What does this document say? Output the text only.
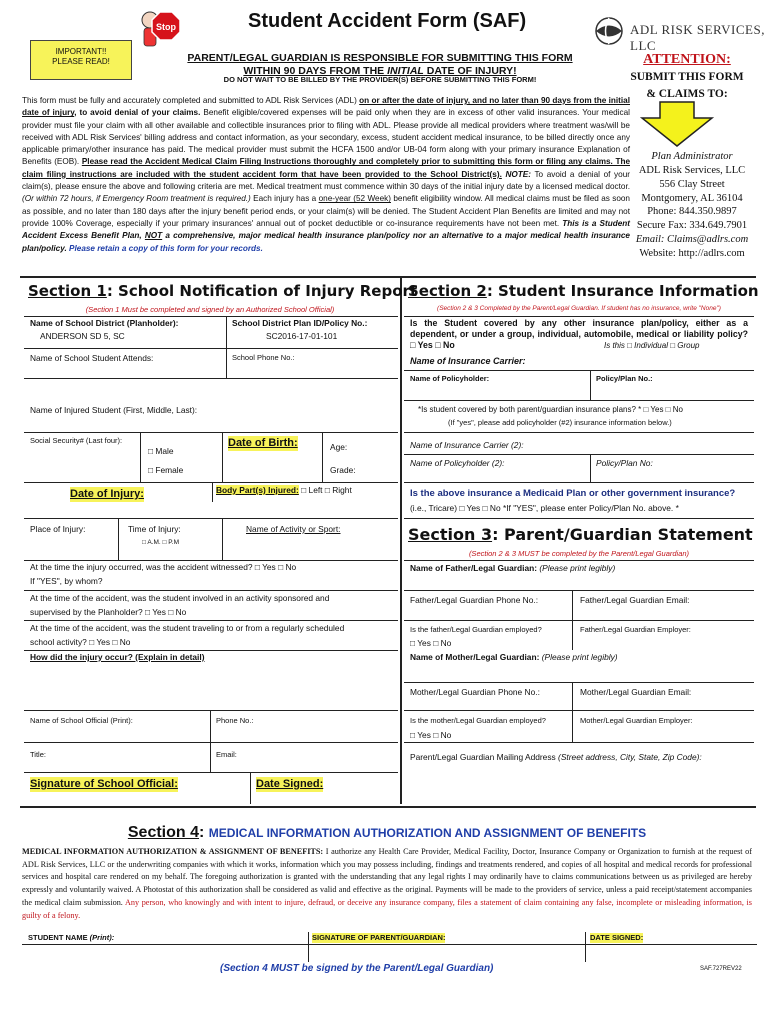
Stop
IMPORTANT!!
PLEASE READ!
Student Accident Form (SAF)	ADL RISK SERVICES, LLC
PARENT/LEGAL GUARDIAN IS RESPONSIBLE FOR SUBMITTING THIS FORM
WITHIN 90 DAYS FROM THE INITIAL DATE OF INJURY!
DO NOT WAIT TO BE BILLED BY THE PROVIDER(S) BEFORE SUBMITTING THIS FORM!
ATTENTION:
SUBMIT THIS FORM
& CLAIMS TO:
Plan Administrator
ADL Risk Services, LLC
556 Clay Street
Montgomery, AL 36104
Phone: 844.350.9897
Secure Fax: 334.649.7901
Email: Claims@adlrs.com
Website: http://adlrs.com
This form must be fully and accurately completed and submitted to ADL Risk Services (ADL) on or after the date of injury, and no later than 90 days from the initial date of injury, to avoid denial of your claims. Benefit eligible/covered expenses will be paid only when they are in excess of other valid insurances. Your medical provider must file your claim with all other available and collectible insurances prior to filing with ADL. Please provide all medical providers where treatment was/will be received with ADL Risk Services' billing address and contact information, as your secondary, excess, student accident medical insurance, to be billed directly once any applicable primary/other insurance has paid. The medical provider must submit the HCFA 1500 and/or UB-04 form along with your primary insurance Explanation of Benefits (EOB). Please read the Accident Medical Claim Filing Instructions thoroughly and completely prior to submitting this form or filing any claims. The claim filing instructions are included with the student accident form that have been provided to the School District(s). NOTE: To avoid a denial of your claim(s), please ensure the above and following criteria are met. Medical treatment must commence within 30 days of the initial injury date by a licensed medical doctor. (Or within 72 hours, if Emergency Room treatment is required.) Each injury has a one-year (52 Week) benefit eligibility window. All medical claims must be filed as soon as possible, and no later than 180 days after the injury benefit period ends, or your claim(s) will be denied. The Student Accident Plan Benefits are limited and may not provide 100% Coverage, especially if your primary insurances' annual out of pocket deductible or co-insurance requirements have not been met. This is a Student Accident Excess Benefit Plan, NOT a comprehensive, major medical health insurance plan/policy nor an alternative to a major medical health insurance plan/policy. Please retain a copy of this form for your records.
Section 1: School Notification of Injury Report
(Section 1 Must be completed and signed by an Authorized School Official)
Name of School District (Planholder):
ANDERSON SD 5, SC
School District Plan ID/Policy No.:
SC2016-17-01-101
Name of School Student Attends:	School Phone No.:
Name of Injured Student (First, Middle, Last):
Social Security# (Last four):
□ Male
□ Female
Date of Birth:	Age:
Grade:
Date of Injury:	Body Part(s) Injured: □ Left □ Right
Place of Injury:	Time of Injury:
□ A.M. □ P.M
Name of Activity or Sport:
At the time the injury occurred, was the accident witnessed? □ Yes □ No
If "YES", by whom?
At the time of the accident, was the student involved in an activity sponsored and
supervised by the Planholder? □ Yes □ No
At the time of the accident, was the student traveling to or from a regularly scheduled
school activity? □ Yes □ No
How did the injury occur? (Explain in detail)
Name of School Official (Print):	Phone No.:
Title:	Email:
Signature of School Official:	Date Signed:
Section 2: Student Insurance Information
(Section 2 & 3 Completed by the Parent/Legal Guardian. If student has no insurance, write "None")
Is the Student covered by any other insurance plan/policy, either as a dependent, or under a group, individual, automobile, medical or liability policy? □ Yes □ No	Is this □ Individual □ Group
Name of Insurance Carrier:
Name of Policyholder:	Policy/Plan No.:
*Is student covered by both parent/guardian insurance plans? * □ Yes □ No
(If "yes", please add policyholder (#2) insurance information below.)
Name of Insurance Carrier (2):
Name of Policyholder (2):	Policy/Plan No:
Is the above insurance a Medicaid Plan or other government insurance?
(i.e., Tricare) □ Yes □ No *If "YES", please enter Policy/Plan No. above. *
Section 3: Parent/Guardian Statement
(Section 2 & 3 MUST be completed by the Parent/Legal Guardian)
Name of Father/Legal Guardian: (Please print legibly)
Father/Legal Guardian Phone No.:	Father/Legal Guardian Email:
Is the father/Legal Guardian employed?
□ Yes □ No
Father/Legal Guardian Employer:
Name of Mother/Legal Guardian: (Please print legibly)
Mother/Legal Guardian Phone No.:	Mother/Legal Guardian Email:
Is the mother/Legal Guardian employed?
□ Yes □ No
Mother/Legal Guardian Employer:
Parent/Legal Guardian Mailing Address (Street address, City, State, Zip Code):
Section 4: MEDICAL INFORMATION AUTHORIZATION AND ASSIGNMENT OF BENEFITS
MEDICAL INFORMATION AUTHORIZATION & ASSIGNMENT OF BENEFITS: I authorize any Health Care Provider, Medical Facility, Doctor, Insurance Company or Organization to furnish at the request of ADL Risk Services, LLC or the underwriting companies with which it works, information which you may possess including, findings and treatments rendered, and copies of all hospital and medical records for professional services and hospital care rendered on my behalf. The foregoing authorization is granted with the understanding that any legal rights I may ordinarily have to claims communications between us as privileged are hereby expressly and voluntarily waived. A Photostat of this authorization shall be considered as valid and effective as the original. Payments will be made to the providers of service, unless a paid receipt/statement accompanies the medical claim submission. Any person, who knowingly and with intent to injure, defraud, or deceive any insurance company, files a statement of claim containing any false, incomplete or misleading information, is guilty of a felony.
STUDENT NAME (Print):	SIGNATURE OF PARENT/GUARDIAN:	DATE SIGNED:
(Section 4 MUST be signed by the Parent/Legal Guardian)	SAF.727REV22
